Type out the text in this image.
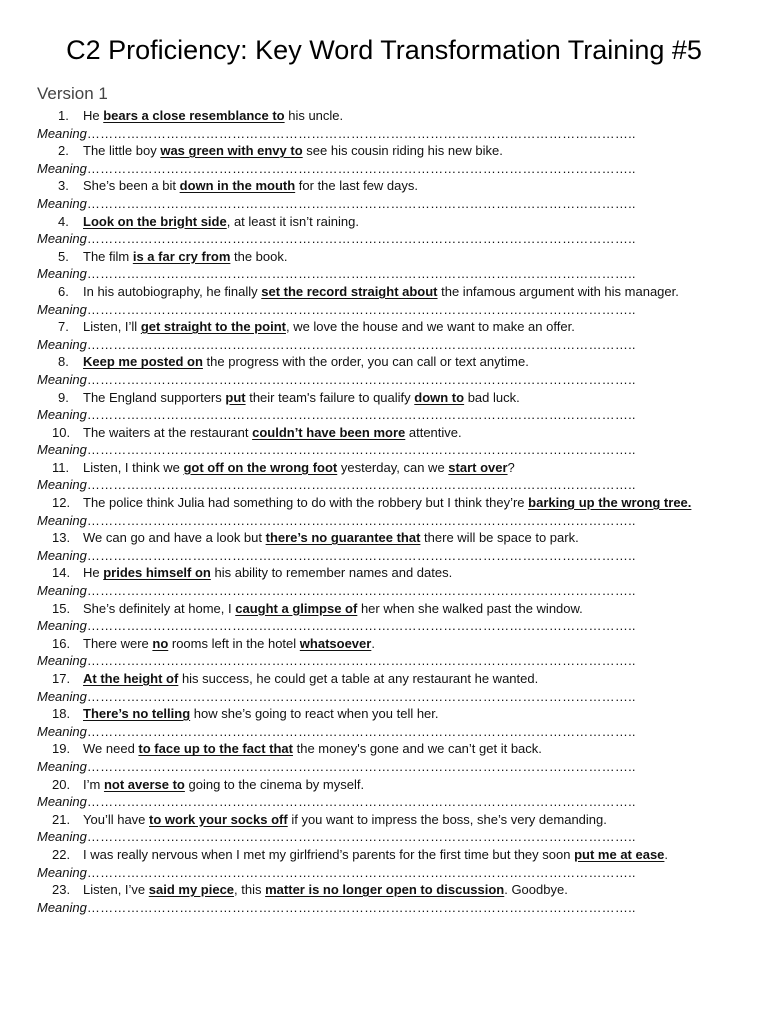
C2 Proficiency: Key Word Transformation Training #5
Version 1
1.	He bears a close resemblance to his uncle.
Meaning……………………………………………………………………………………………………………..
2.	The little boy was green with envy to see his cousin riding his new bike.
Meaning……………………………………………………………………………………………………………..
3.	She’s been a bit down in the mouth for the last few days.
Meaning……………………………………………………………………………………………………………..
4.	Look on the bright side, at least it isn’t raining.
Meaning……………………………………………………………………………………………………………..
5.	The film is a far cry from the book.
Meaning……………………………………………………………………………………………………………..
6.	In his autobiography, he finally set the record straight about the infamous argument with his manager.
Meaning……………………………………………………………………………………………………………..
7.	Listen, I’ll get straight to the point, we love the house and we want to make an offer.
Meaning……………………………………………………………………………………………………………..
8.	Keep me posted on the progress with the order, you can call or text anytime.
Meaning……………………………………………………………………………………………………………..
9.	The England supporters put their team's failure to qualify down to bad luck.
Meaning……………………………………………………………………………………………………………..
10. The waiters at the restaurant couldn’t have been more attentive.
Meaning……………………………………………………………………………………………………………..
11.	Listen, I think we got off on the wrong foot yesterday, can we start over?
Meaning……………………………………………………………………………………………………………..
12. The police think Julia had something to do with the robbery but I think they’re barking up the wrong tree.
Meaning……………………………………………………………………………………………………………..
13. We can go and have a look but there’s no guarantee that there will be space to park.
Meaning……………………………………………………………………………………………………………..
14. He prides himself on his ability to remember names and dates.
Meaning……………………………………………………………………………………………………………..
15. She’s definitely at home, I caught a glimpse of her when she walked past the window.
Meaning……………………………………………………………………………………………………………..
16. There were no rooms left in the hotel whatsoever.
Meaning……………………………………………………………………………………………………………..
17. At the height of his success, he could get a table at any restaurant he wanted.
Meaning……………………………………………………………………………………………………………..
18. There’s no telling how she’s going to react when you tell her.
Meaning……………………………………………………………………………………………………………..
19. We need to face up to the fact that the money's gone and we can’t get it back.
Meaning……………………………………………………………………………………………………………..
20. I’m not averse to going to the cinema by myself.
Meaning……………………………………………………………………………………………………………..
21. You’ll have to work your socks off if you want to impress the boss, she’s very demanding.
Meaning……………………………………………………………………………………………………………..
22. I was really nervous when I met my girlfriend’s parents for the first time but they soon put me at ease.
Meaning……………………………………………………………………………………………………………..
23. Listen, I’ve said my piece, this matter is no longer open to discussion. Goodbye.
Meaning……………………………………………………………………………………………………………..
